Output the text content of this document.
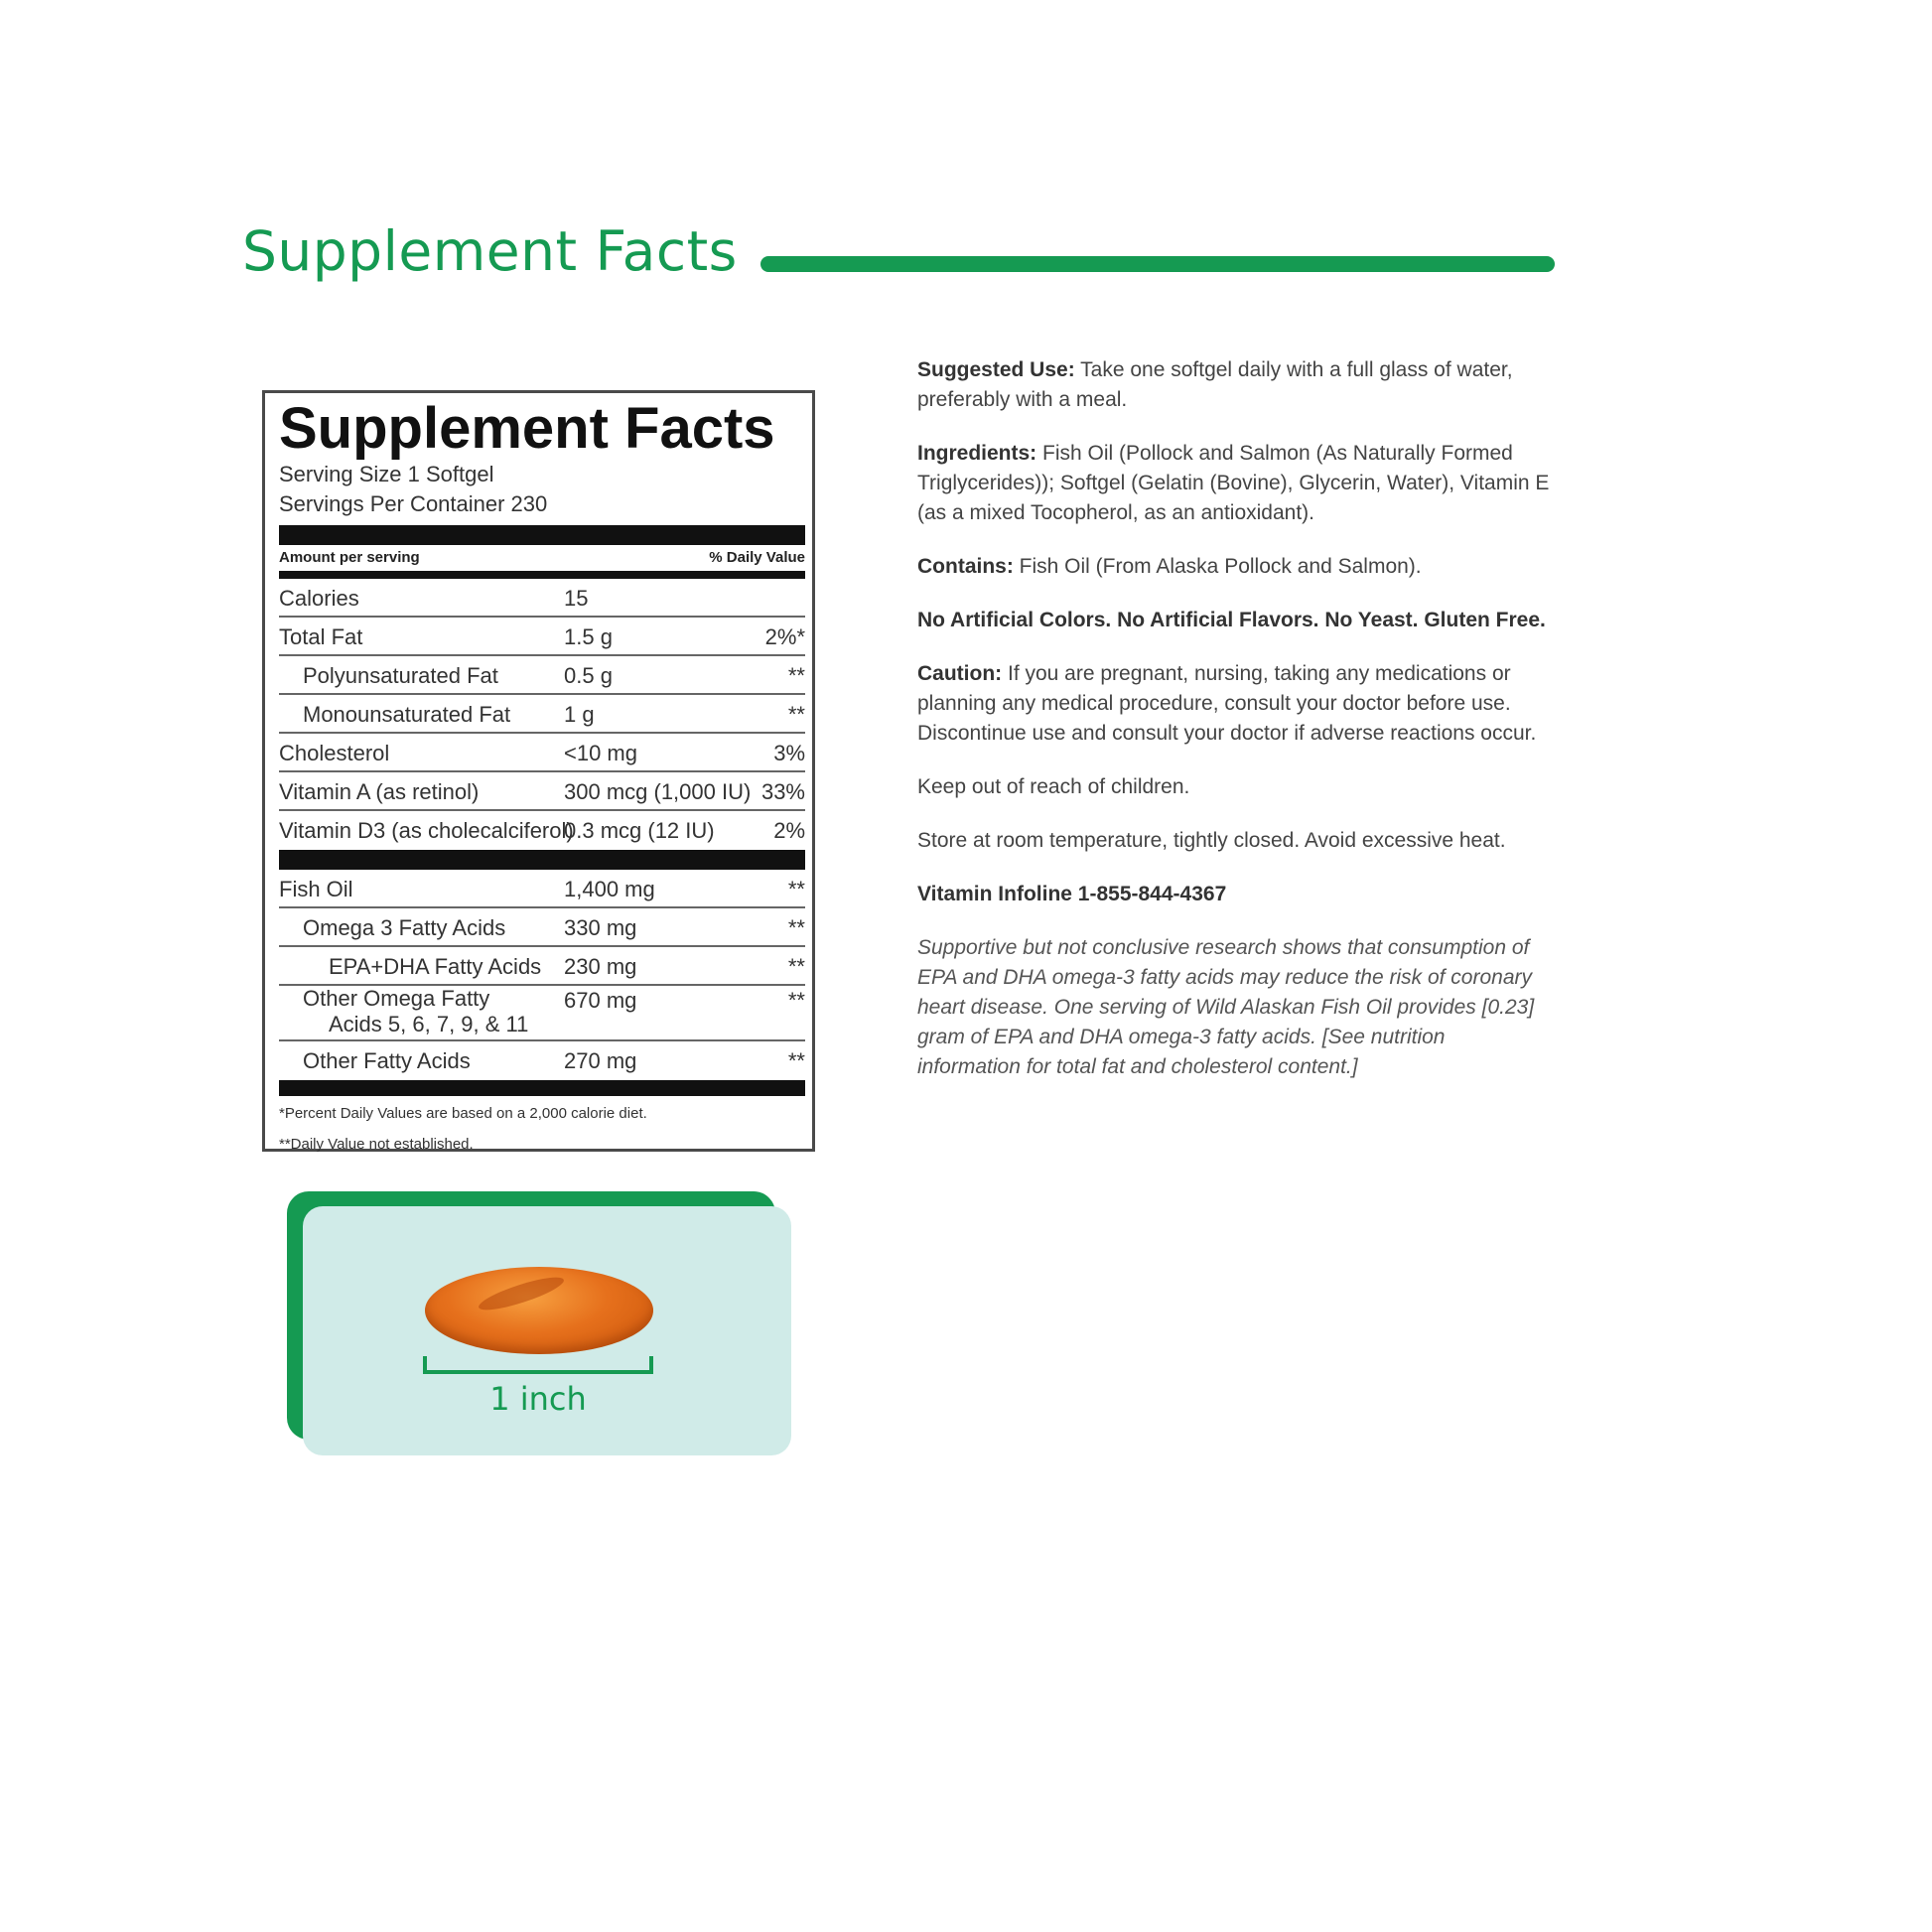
Supplement Facts
Supplement Facts
Serving Size 1 Softgel
Servings Per Container 230
Amount per serving	% Daily Value
Calories	15
Total Fat	1.5 g	2%*
Polyunsaturated Fat	0.5 g	**
Monounsaturated Fat 1 g	**
Cholesterol	<10 mg	3%
Vitamin A (as retinol)	300 mcg (1,000 IU) 33%
Vitamin D3 (as cholecalciferol)
0.3 mcg (12 IU)	2%
Fish Oil	1,400 mg	**
Omega 3 Fatty Acids	330 mg	**
EPA+DHA Fatty Acids 230 mg	**
Other Omega Fatty
Acids 5, 6, 7, 9, & 11
670 mg	**
Other Fatty Acids	270 mg	**
*Percent Daily Values are based on a 2,000 calorie diet.
**Daily Value not established.
1 inch

Suggested Use: Take one softgel daily with a full glass of water, preferably with a meal.

Ingredients: Fish Oil (Pollock and Salmon (As Naturally Formed Triglycerides)); Softgel (Gelatin (Bovine), Glycerin, Water), Vitamin E (as a mixed Tocopherol, as an antioxidant).

Contains: Fish Oil (From Alaska Pollock and Salmon).

No Artificial Colors. No Artificial Flavors. No Yeast. Gluten Free.

Caution: If you are pregnant, nursing, taking any medications or planning any medical procedure, consult your doctor before use. Discontinue use and consult your doctor if adverse reactions occur.

Keep out of reach of children.

Store at room temperature, tightly closed. Avoid excessive heat.

Vitamin Infoline 1-855-844-4367

Supportive but not conclusive research shows that consumption of EPA and DHA omega-3 fatty acids may reduce the risk of coronary heart disease. One serving of Wild Alaskan Fish Oil provides [0.23] gram of EPA and DHA omega-3 fatty acids. [See nutrition information for total fat and cholesterol content.]
